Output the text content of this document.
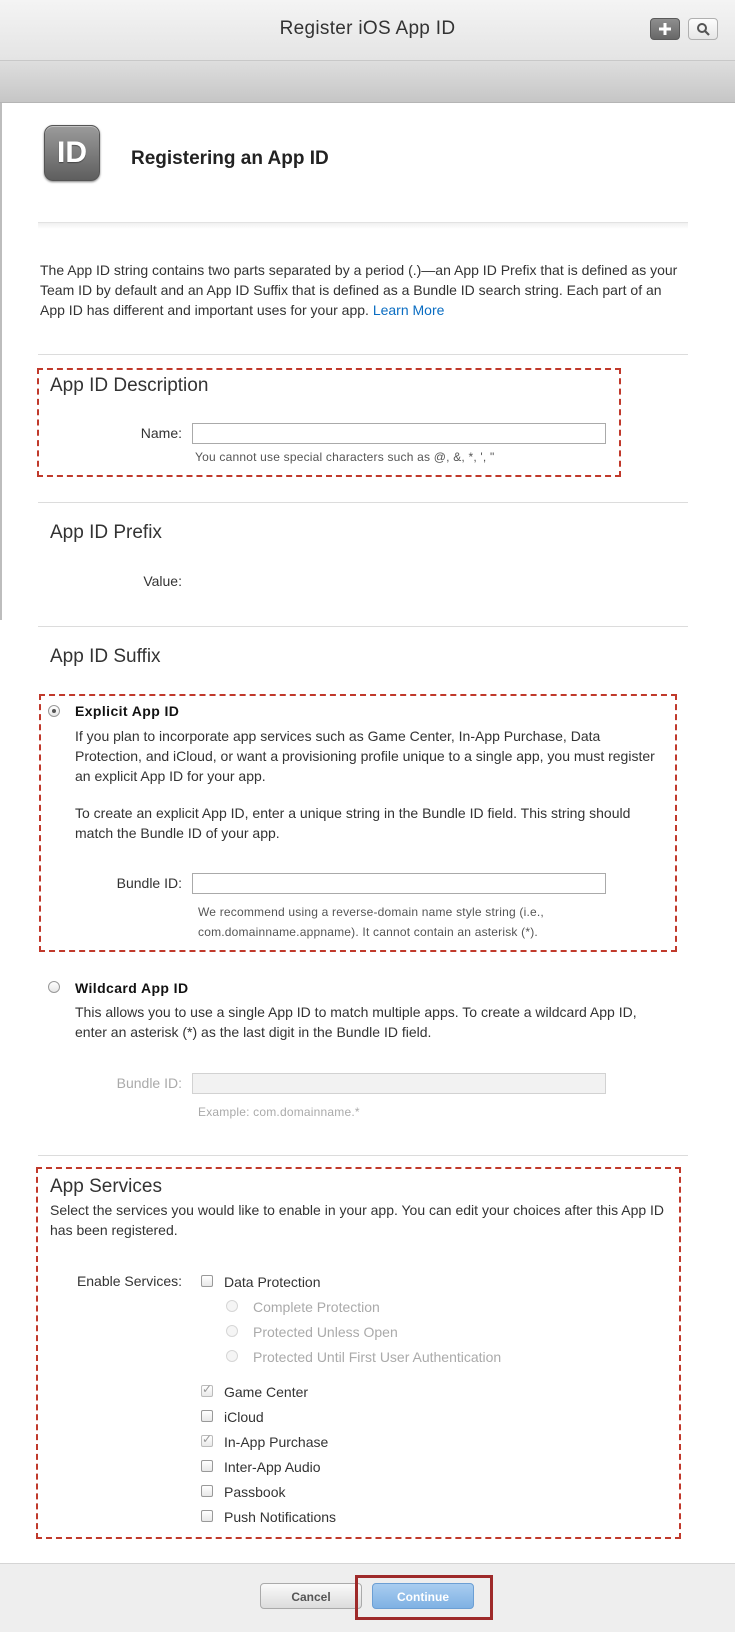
Register iOS App ID
ID	Registering an App ID
The App ID string contains two parts separated by a period (.)—an App ID Prefix that is defined as your Team ID by default and an App ID Suffix that is defined as a Bundle ID search string. Each part of an App ID has different and important uses for your app. Learn More
App ID Description
Name:
You cannot use special characters such as @, &, *, ', "
App ID Prefix
Value:
App ID Suffix
Explicit App ID
If you plan to incorporate app services such as Game Center, In-App Purchase, Data Protection, and iCloud, or want a provisioning profile unique to a single app, you must register an explicit App ID for your app.
To create an explicit App ID, enter a unique string in the Bundle ID field. This string should match the Bundle ID of your app.
Bundle ID:
We recommend using a reverse-domain name style string (i.e.,
com.domainname.appname). It cannot contain an asterisk (*).
Wildcard App ID
This allows you to use a single App ID to match multiple apps. To create a wildcard App ID, enter an asterisk (*) as the last digit in the Bundle ID field.
Bundle ID:
Example: com.domainname.*
App Services
Select the services you would like to enable in your app. You can edit your choices after this App ID has been registered.
Enable Services:	Data Protection
Complete Protection
Protected Unless Open
Protected Until First User Authentication
✓
Game Center
iCloud
✓
In-App Purchase
Inter-App Audio
Passbook
Push Notifications
Cancel	Continue
